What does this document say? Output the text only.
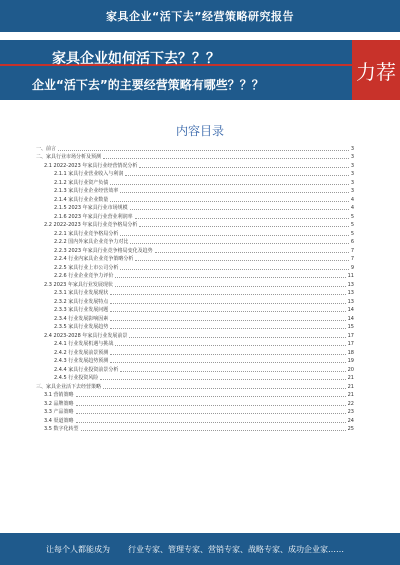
家具企业“活下去”经营策略研究报告
家具企业如何活下去？？？
企业“活下去”的主要经营策略有哪些？？？
力荐
内容目录
一、前言	3
二、家具行业市场分析及预测	3
2.1 2022-2023 年家具行业经营情况分析	3
2.1.1 家具行业营业收入与利润	3
2.1.2 家具行业资产负债	3
2.1.3 家具行业企业经营效率	3
2.1.4 家具行业企业数量	4
2.1.5 2023 年家具行业市场规模	4
2.1.6 2023 年家具行业营业利润率	5
2.2 2022-2023 年家具行业竞争格局分析	5
2.2.1 家具行业竞争格局分析	5
2.2.2 国内外家具企业竞争力对比	6
2.2.3 2023 年家具行业竞争格局变化及趋势	7
2.2.4 行业内家具企业竞争策略分析	7
2.2.5 家具行业上市公司分析	9
2.2.6 行业企业竞争力评价	11
2.3 2023 年家具行业发展现状	13
2.3.1 家具行业发展现状	13
2.3.2 家具行业发展特点	13
2.3.3 家具行业发展问题	14
2.3.4 行业发展影响因素	14
2.3.5 家具行业发展趋势	15
2.4 2023-2028 年家具行业发展前景	17
2.4.1 行业发展机遇与挑战	17
2.4.2 行业发展前景预测	18
2.4.3 行业发展趋势预测	19
2.4.4 家具行业投资前景分析	20
2.4.5 行业投资风险	21
三、家具企业活下去经营策略	21
3.1 营销策略	21
3.2 品牌策略	22
3.3 产品策略	23
3.4 渠道策略	24
3.5 数字化转型	25
让每个人都能成为 行业专家、管理专家、营销专家、战略专家、成功企业家……
